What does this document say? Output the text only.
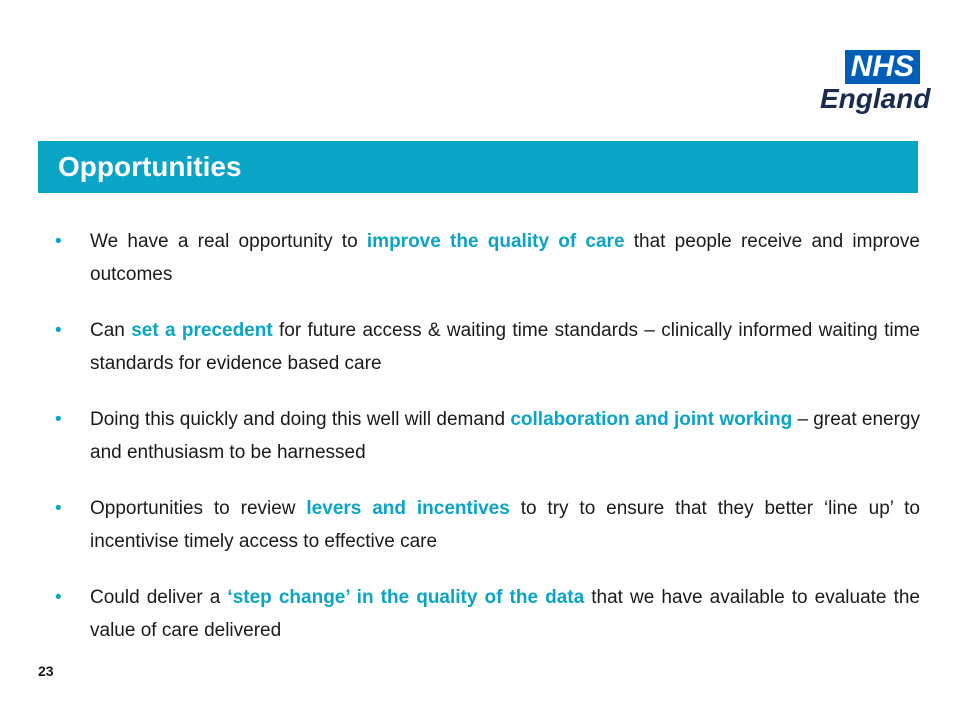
NHS
England
Opportunities
• We have a real opportunity to improve the quality of care that people receive and improve outcomes
• Can set a precedent for future access & waiting time standards – clinically informed waiting time standards for evidence based care
• Doing this quickly and doing this well will demand collaboration and joint working – great energy and enthusiasm to be harnessed
• Opportunities to review levers and incentives to try to ensure that they better ‘line up’ to incentivise timely access to effective care
• Could deliver a ‘step change’ in the quality of the data that we have available to evaluate the value of care delivered
23
